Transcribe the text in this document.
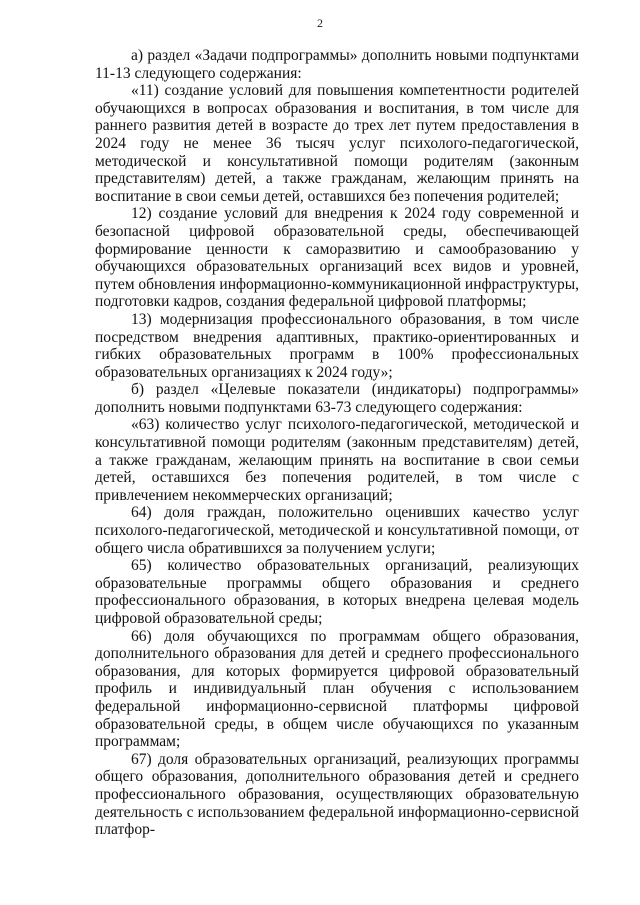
2

а) раздел «Задачи подпрограммы» дополнить новыми подпунктами 11-13 следующего содержания:

«11) создание условий для повышения компетентности родителей обучающихся в вопросах образования и воспитания, в том числе для раннего развития детей в возрасте до трех лет путем предоставления в 2024 году не менее 36 тысяч услуг психолого-педагогической, методической и консультативной помощи родителям (законным представителям) детей, а также гражданам, желающим принять на воспитание в свои семьи детей, оставшихся без попечения родителей;

12) создание условий для внедрения к 2024 году современной и безопасной цифровой образовательной среды, обеспечивающей формирование ценности к саморазвитию и самообразованию у обучающихся образовательных организаций всех видов и уровней, путем обновления информационно-коммуникационной инфраструктуры, подготовки кадров, создания федеральной цифровой платформы;

13) модернизация профессионального образования, в том числе посредством внедрения адаптивных, практико-ориентированных и гибких образовательных программ в 100% профессиональных образовательных организациях к 2024 году»;

б) раздел «Целевые показатели (индикаторы) подпрограммы» дополнить новыми подпунктами 63-73 следующего содержания:

«63) количество услуг психолого-педагогической, методической и консультативной помощи родителям (законным представителям) детей, а также гражданам, желающим принять на воспитание в свои семьи детей, оставшихся без попечения родителей, в том числе с привлечением некоммерческих организаций;

64) доля граждан, положительно оценивших качество услуг психолого-педагогической, методической и консультативной помощи, от общего числа обратившихся за получением услуги;

65) количество образовательных организаций, реализующих образовательные программы общего образования и среднего профессионального образования, в которых внедрена целевая модель цифровой образовательной среды;

66) доля обучающихся по программам общего образования, дополнительного образования для детей и среднего профессионального образования, для которых формируется цифровой образовательный профиль и индивидуальный план обучения с использованием федеральной информационно-сервисной платформы цифровой образовательной среды, в общем числе обучающихся по указанным программам;

67) доля образовательных организаций, реализующих программы общего образования, дополнительного образования детей и среднего профессионального образования, осуществляющих образовательную деятельность с использованием федеральной информационно-сервисной платфор-
